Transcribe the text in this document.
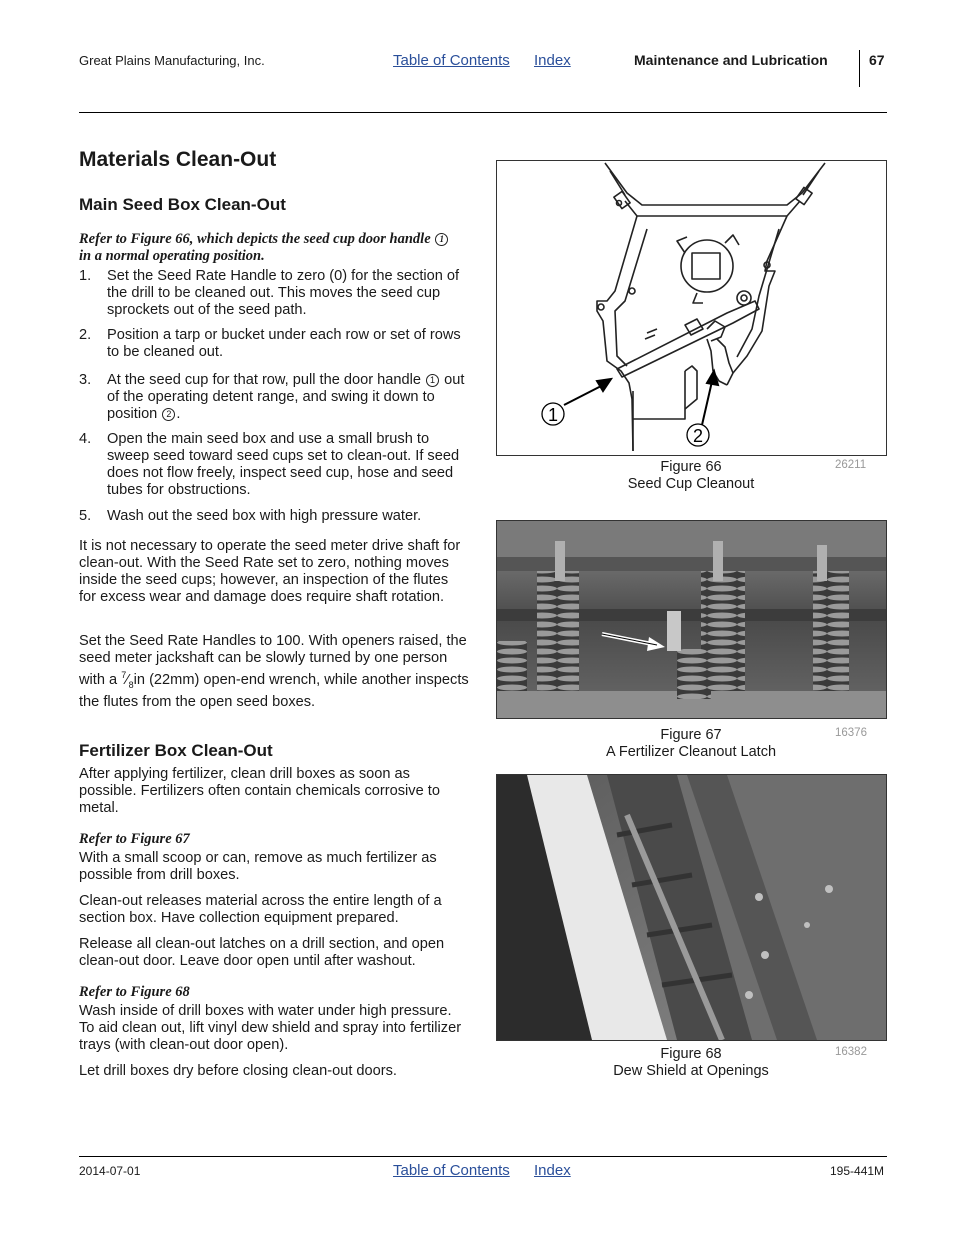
Great Plains Manufacturing, Inc.	Table of Contents Index	Maintenance and Lubrication	67
Materials Clean-Out
Main Seed Box Clean-Out
Refer to Figure 66, which depicts the seed cup door handle 1
in a normal operating position.
1. Set the Seed Rate Handle to zero (0) for the section of the drill to be cleaned out. This moves the seed cup sprockets out of the seed path.
2. Position a tarp or bucket under each row or set of rows to be cleaned out.
3. At the seed cup for that row, pull the door handle 1 out of the operating detent range, and swing it down to position 2 .
4. Open the main seed box and use a small brush to sweep seed toward seed cups set to clean-out. If seed does not flow freely, inspect seed cup, hose and seed tubes for obstructions.
5. Wash out the seed box with high pressure water.

It is not necessary to operate the seed meter drive shaft for clean-out. With the Seed Rate set to zero, nothing moves inside the seed cups; however, an inspection of the flutes for excess wear and damage does require shaft rotation.

Set the Seed Rate Handles to 100. With openers raised, the seed meter jackshaft can be slowly turned by one person with a $^7⁄_8in$ (22mm) open-end wrench, while another inspects the flutes from the open seed boxes.

Fertilizer Box Clean-Out

After applying fertilizer, clean drill boxes as soon as possible. Fertilizers often contain chemicals corrosive to metal.

Refer to Figure 67

With a small scoop or can, remove as much fertilizer as possible from drill boxes.

Clean-out releases material across the entire length of a section box. Have collection equipment prepared.

Release all clean-out latches on a drill section, and open clean-out door. Leave door open until after washout.

Refer to Figure 68

Wash inside of drill boxes with water under high pressure. To aid clean out, lift vinyl dew shield and spray into fertilizer trays (with clean-out door open).

Let drill boxes dry before closing clean-out doors.

1
2
Figure 66
Seed Cup Cleanout
26211
Figure 67
A Fertilizer Cleanout Latch
16376
Figure 68
Dew Shield at Openings
16382
2014-07-01	Table of Contents Index	195-441M
